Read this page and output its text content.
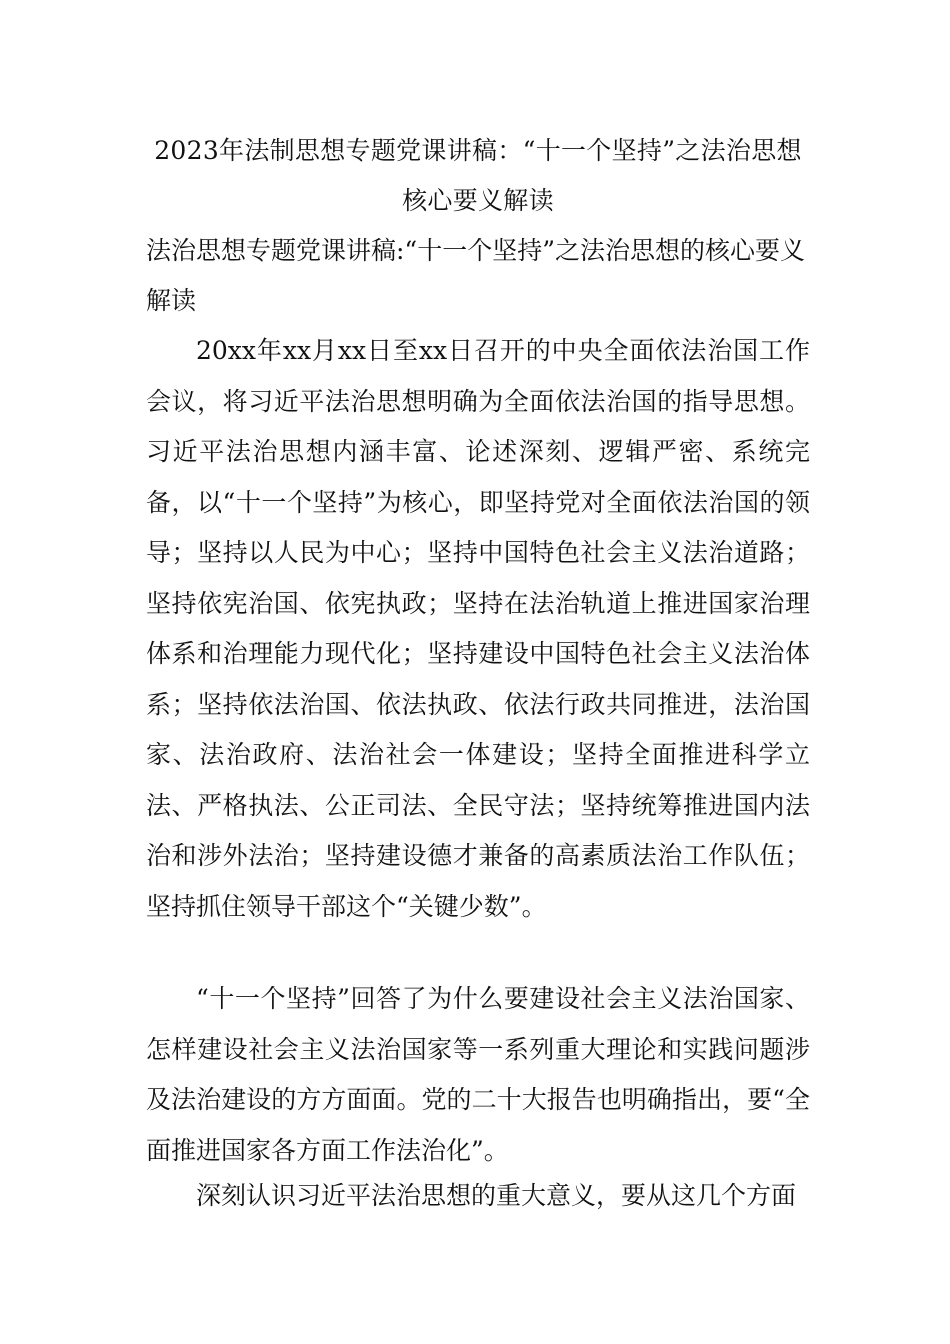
2023年法制思想专题党课讲稿：“十一个坚持”之法治思想核心要义解读
法治思想专题党课讲稿:“十一个坚持”之法治思想的核心要义解读
20xx年xx月xx日至xx日召开的中央全面依法治国工作会议，将习近平法治思想明确为全面依法治国的指导思想。习近平法治思想内涵丰富、论述深刻、逻辑严密、系统完备，以“十一个坚持”为核心，即坚持党对全面依法治国的领导；坚持以人民为中心；坚持中国特色社会主义法治道路；坚持依宪治国、依宪执政；坚持在法治轨道上推进国家治理体系和治理能力现代化；坚持建设中国特色社会主义法治体系；坚持依法治国、依法执政、依法行政共同推进，法治国家、法治政府、法治社会一体建设；坚持全面推进科学立法、严格执法、公正司法、全民守法；坚持统筹推进国内法治和涉外法治；坚持建设德才兼备的高素质法治工作队伍；坚持抓住领导干部这个“关键少数”。
“十一个坚持”回答了为什么要建设社会主义法治国家、怎样建设社会主义法治国家等一系列重大理论和实践问题涉及法治建设的方方面面。党的二十大报告也明确指出，要“全面推进国家各方面工作法治化”。
深刻认识习近平法治思想的重大意义，要从这几个方面
